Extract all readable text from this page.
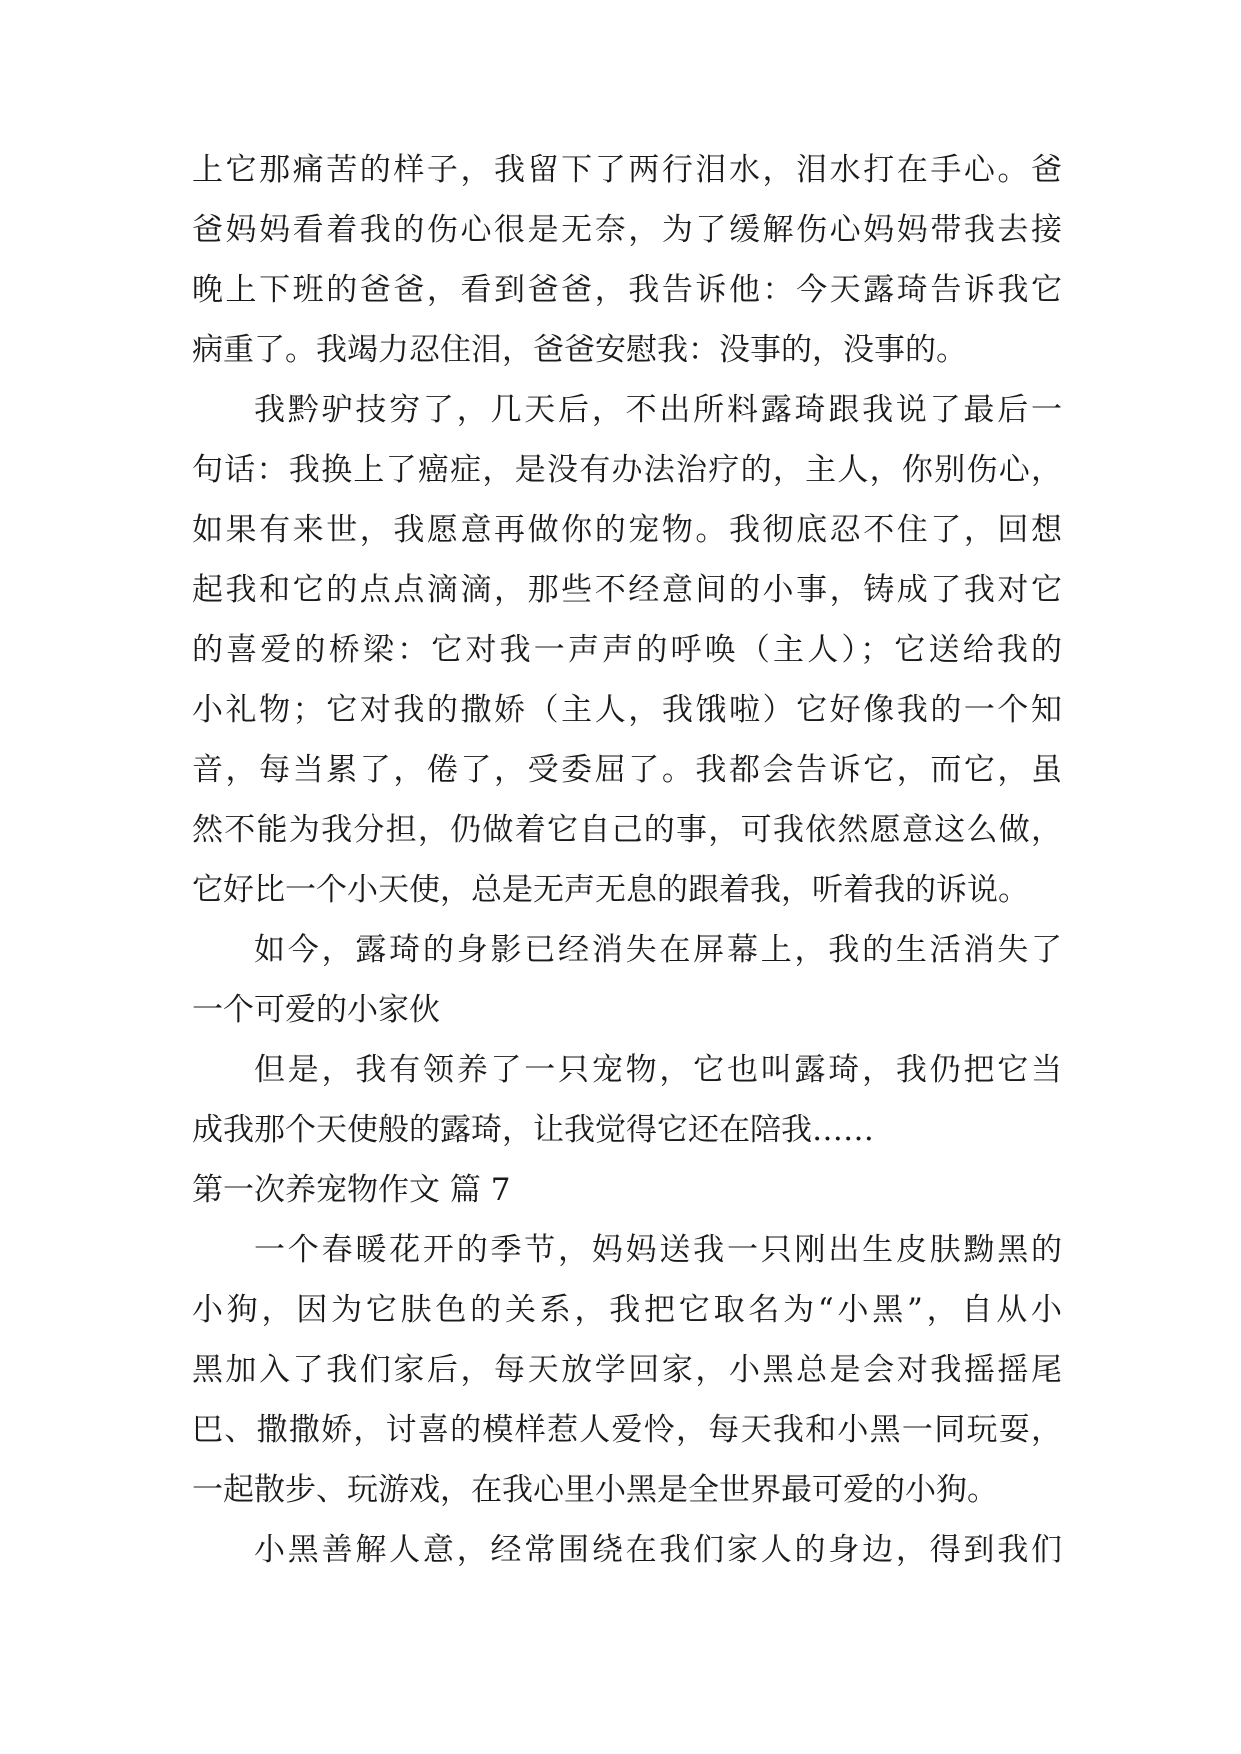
上它那痛苦的样子，我留下了两行泪水，泪水打在手心。爸
爸妈妈看着我的伤心很是无奈，为了缓解伤心妈妈带我去接
晚上下班的爸爸，看到爸爸，我告诉他：今天露琦告诉我它
病重了。我竭力忍住泪，爸爸安慰我：没事的，没事的。
我黔驴技穷了，几天后，不出所料露琦跟我说了最后一
句话：我换上了癌症，是没有办法治疗的，主人，你别伤心，
如果有来世，我愿意再做你的宠物。我彻底忍不住了，回想
起我和它的点点滴滴，那些不经意间的小事，铸成了我对它
的喜爱的桥梁：它对我一声声的呼唤（主人）；它送给我的
小礼物；它对我的撒娇（主人，我饿啦）它好像我的一个知
音，每当累了，倦了，受委屈了。我都会告诉它，而它，虽
然不能为我分担，仍做着它自己的事，可我依然愿意这么做，
它好比一个小天使，总是无声无息的跟着我，听着我的诉说。
如今，露琦的身影已经消失在屏幕上，我的生活消失了
一个可爱的小家伙
但是，我有领养了一只宠物，它也叫露琦，我仍把它当
成我那个天使般的露琦，让我觉得它还在陪我……
第一次养宠物作文 篇 7
一个春暖花开的季节，妈妈送我一只刚出生皮肤黝黑的
小狗，因为它肤色的关系，我把它取名为“小黑”，自从小
黑加入了我们家后，每天放学回家，小黑总是会对我摇摇尾
巴、撒撒娇，讨喜的模样惹人爱怜，每天我和小黑一同玩耍，
一起散步、玩游戏，在我心里小黑是全世界最可爱的小狗。
小黑善解人意，经常围绕在我们家人的身边，得到我们
